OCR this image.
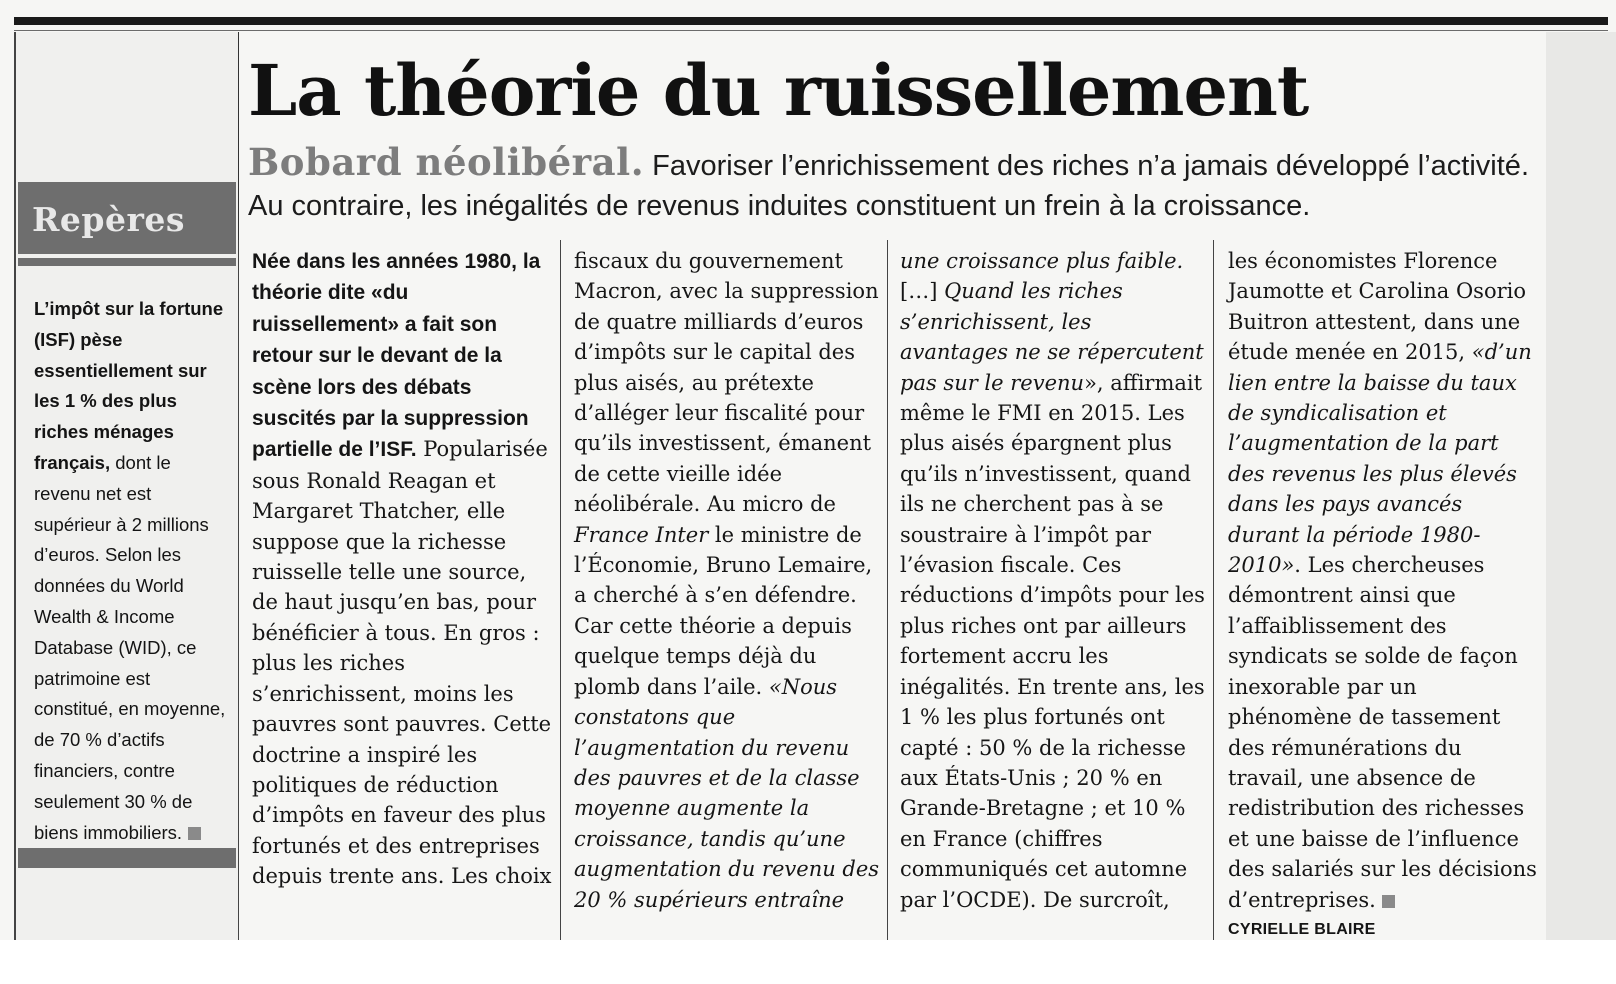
Repères
L’impôt sur la fortune (ISF) pèse essentiellement sur les 1 % des plus riches ménages français, dont le revenu net est supérieur à 2 millions d’euros. Selon les données du World Wealth & Income Database (WID), ce patrimoine est constitué, en moyenne, de 70 % d’actifs financiers, contre seulement 30 % de biens immobiliers.
La théorie du ruissellement
Bobard néolibéral. Favoriser l’enrichissement des riches n’a jamais développé l’activité. Au contraire, les inégalités de revenus induites constituent un frein à la croissance.

Née dans les années 1980, la théorie dite «du ruissellement» a fait son retour sur le devant de la scène lors des débats suscités par la suppression partielle de l’ISF. Popularisée sous Ronald Reagan et Margaret Thatcher, elle suppose que la richesse ruisselle telle une source, de haut jusqu’en bas, pour bénéficier à tous. En gros : plus les riches s’enrichissent, moins les pauvres sont pauvres. Cette doctrine a inspiré les politiques de réduction d’impôts en faveur des plus fortunés et des entreprises depuis trente ans. Les choix

fiscaux du gouvernement Macron, avec la suppression de quatre milliards d’euros d’impôts sur le capital des plus aisés, au prétexte d’alléger leur fiscalité pour qu’ils investissent, émanent de cette vieille idée néolibérale. Au micro de France Inter le ministre de l’Économie, Bruno Lemaire, a cherché à s’en défendre. Car cette théorie a depuis quelque temps déjà du plomb dans l’aile. «Nous constatons que l’augmentation du revenu des pauvres et de la classe moyenne augmente la croissance, tandis qu’une augmentation du revenu des 20 % supérieurs entraîne

une croissance plus faible. […] Quand les riches s’enrichissent, les avantages ne se répercutent pas sur le revenu», affirmait même le FMI en 2015. Les plus aisés épargnent plus qu’ils n’investissent, quand ils ne cherchent pas à se soustraire à l’impôt par l’évasion fiscale. Ces réductions d’impôts pour les plus riches ont par ailleurs fortement accru les inégalités. En trente ans, les 1 % les plus fortunés ont capté : 50 % de la richesse aux États-Unis ; 20 % en Grande-Bretagne ; et 10 % en France (chiffres communiqués cet automne par l’OCDE). De surcroît,

les économistes Florence Jaumotte et Carolina Osorio Buitron attestent, dans une étude menée en 2015, «d’un lien entre la baisse du taux de syndicalisation et l’augmentation de la part des revenus les plus élevés dans les pays avancés durant la période 1980-2010». Les chercheuses démontrent ainsi que l’affaiblissement des syndicats se solde de façon inexorable par un phénomène de tassement des rémunérations du travail, une absence de redistribution des richesses et une baisse de l’influence des salariés sur les décisions d’entreprises.

CYRIELLE BLAIRE
